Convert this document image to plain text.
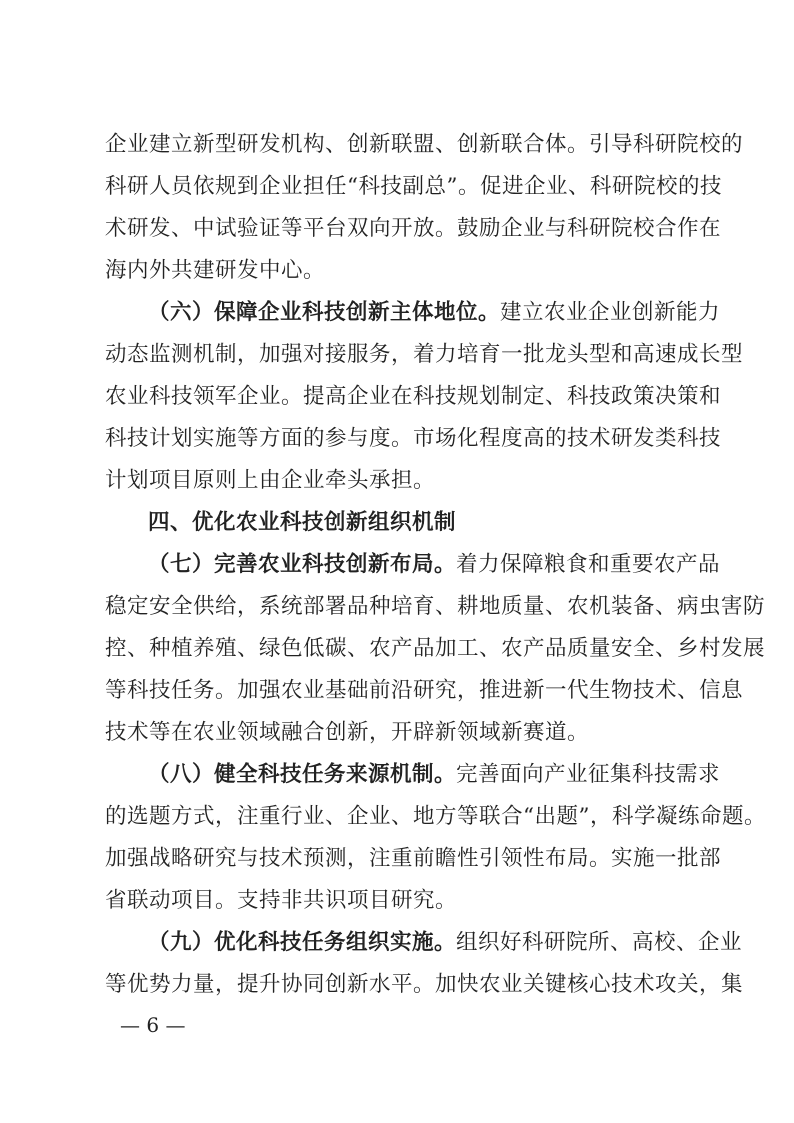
企业建立新型研发机构、创新联盟、创新联合体。引导科研院校的
科研人员依规到企业担任“科技副总”。促进企业、科研院校的技
术研发、中试验证等平台双向开放。鼓励企业与科研院校合作在
海内外共建研发中心。
（六）保障企业科技创新主体地位。建立农业企业创新能力
动态监测机制，加强对接服务，着力培育一批龙头型和高速成长型
农业科技领军企业。提高企业在科技规划制定、科技政策决策和
科技计划实施等方面的参与度。市场化程度高的技术研发类科技
计划项目原则上由企业牵头承担。
四、优化农业科技创新组织机制
（七）完善农业科技创新布局。着力保障粮食和重要农产品
稳定安全供给，系统部署品种培育、耕地质量、农机装备、病虫害防
控、种植养殖、绿色低碳、农产品加工、农产品质量安全、乡村发展
等科技任务。加强农业基础前沿研究，推进新一代生物技术、信息
技术等在农业领域融合创新，开辟新领域新赛道。
（八）健全科技任务来源机制。完善面向产业征集科技需求
的选题方式，注重行业、企业、地方等联合“出题”，科学凝练命题。
加强战略研究与技术预测，注重前瞻性引领性布局。实施一批部
省联动项目。支持非共识项目研究。
（九）优化科技任务组织实施。组织好科研院所、高校、企业
等优势力量，提升协同创新水平。加快农业关键核心技术攻关，集
— 6 —
